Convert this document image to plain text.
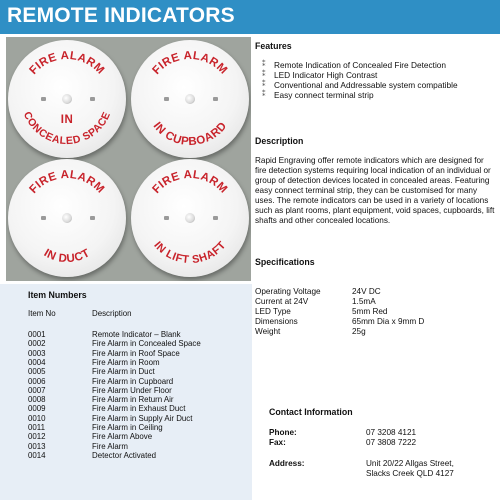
REMOTE INDICATORS
FIRE ALARM
IN
CONCEALED SPACE
FIRE ALARM
IN CUPBOARD
FIRE ALARM
IN DUCT
FIRE ALARM
IN LIFT SHAFT
Features
⁑ Remote Indication of Concealed Fire Detection
⁑ LED Indicator High Contrast
⁑ Conventional and Addressable system compatible
⁑ Easy connect terminal strip
Description

Rapid Engraving offer remote indicators which are designed for fire detection systems requiring local indication of an individual or group of detection devices located in concealed areas. Featuring easy connect terminal strip, they can be customised for many uses. The remote indicators can be used in a variety of locations such as plant rooms, plant equipment, void spaces, cupboards, lift shafts and other concealed locations.

Specifications
Operating Voltage	24V DC
Current at 24V	1.5mA
LED Type	5mm Red
Dimensions	65mm Dia x 9mm D
Weight	25g
Item Numbers
Item No	Description
0001	Remote Indicator – Blank
0002	Fire Alarm in Concealed Space
0003	Fire Alarm in Roof Space
0004	Fire Alarm in Room
0005	Fire Alarm in Duct
0006	Fire Alarm in Cupboard
0007	Fire Alarm Under Floor
0008	Fire Alarm in Return Air
0009	Fire Alarm in Exhaust Duct
0010	Fire Alarm in Supply Air Duct
0011	Fire Alarm in Ceiling
0012	Fire Alarm Above
0013	Fire Alarm
0014	Detector Activated
Contact Information
Phone:	07 3208 4121
Fax:	07 3808 7222
Address:	Unit 20/22 Allgas Street,
Slacks Creek QLD 4127
